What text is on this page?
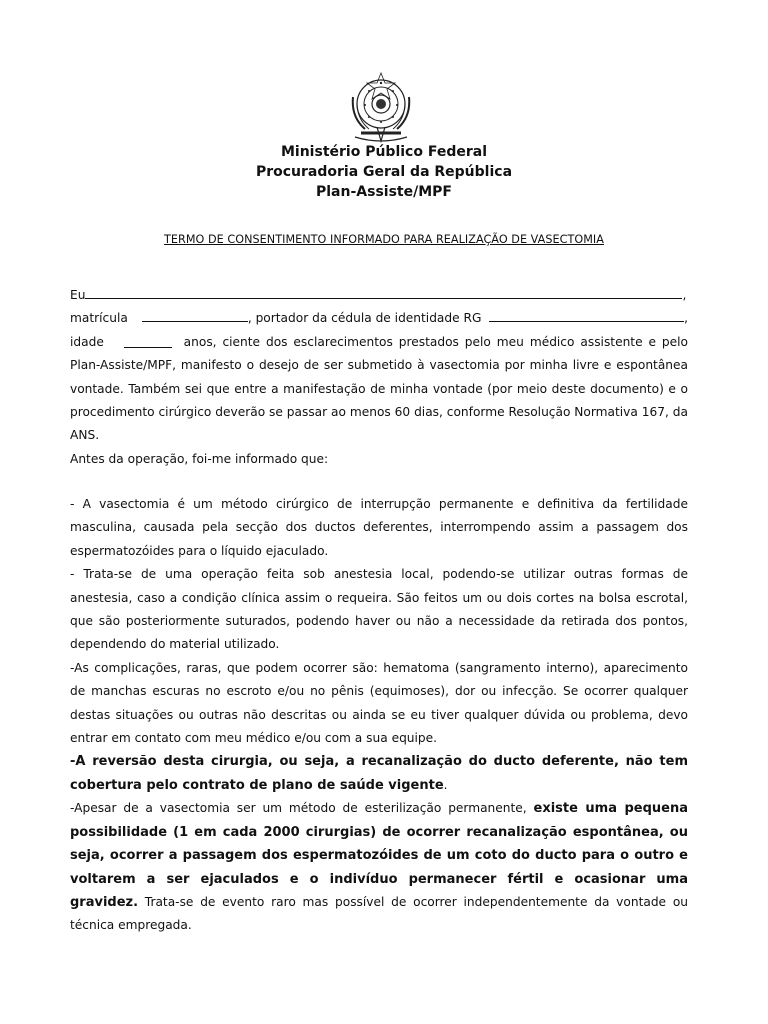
Ministério Público Federal
Procuradoria Geral da República
Plan-Assiste/MPF
TERMO DE CONSENTIMENTO INFORMADO PARA REALIZAÇÃO DE VASECTOMIA
Eu	,
matrícula	, portador da cédula de identidade RG	,

idade	anos, ciente dos esclarecimentos prestados pelo meu médico assistente e pelo Plan-Assiste/MPF, manifesto o desejo de ser submetido à vasectomia por minha livre e espontânea vontade. Também sei que entre a manifestação de minha vontade (por meio deste documento) e o procedimento cirúrgico deverão se passar ao menos 60 dias, conforme Resolução Normativa 167, da ANS.

Antes da operação, foi-me informado que:

- A vasectomia é um método cirúrgico de interrupção permanente e definitiva da fertilidade masculina, causada pela secção dos ductos deferentes, interrompendo assim a passagem dos espermatozóides para o líquido ejaculado.

- Trata-se de uma operação feita sob anestesia local, podendo-se utilizar outras formas de anestesia, caso a condição clínica assim o requeira. São feitos um ou dois cortes na bolsa escrotal, que são posteriormente suturados, podendo haver ou não a necessidade da retirada dos pontos, dependendo do material utilizado.

-As complicações, raras, que podem ocorrer são: hematoma (sangramento interno), aparecimento de manchas escuras no escroto e/ou no pênis (equimoses), dor ou infecção. Se ocorrer qualquer destas situações ou outras não descritas ou ainda se eu tiver qualquer dúvida ou problema, devo entrar em contato com meu médico e/ou com a sua equipe.

-A reversão desta cirurgia, ou seja, a recanalização do ducto deferente, não tem cobertura pelo contrato de plano de saúde vigente.

-Apesar de a vasectomia ser um método de esterilização permanente, existe uma pequena possibilidade (1 em cada 2000 cirurgias) de ocorrer recanalização espontânea, ou seja, ocorrer a passagem dos espermatozóides de um coto do ducto para o outro e voltarem a ser ejaculados e o indivíduo permanecer fértil e ocasionar uma gravidez. Trata-se de evento raro mas possível de ocorrer independentemente da vontade ou técnica empregada.
